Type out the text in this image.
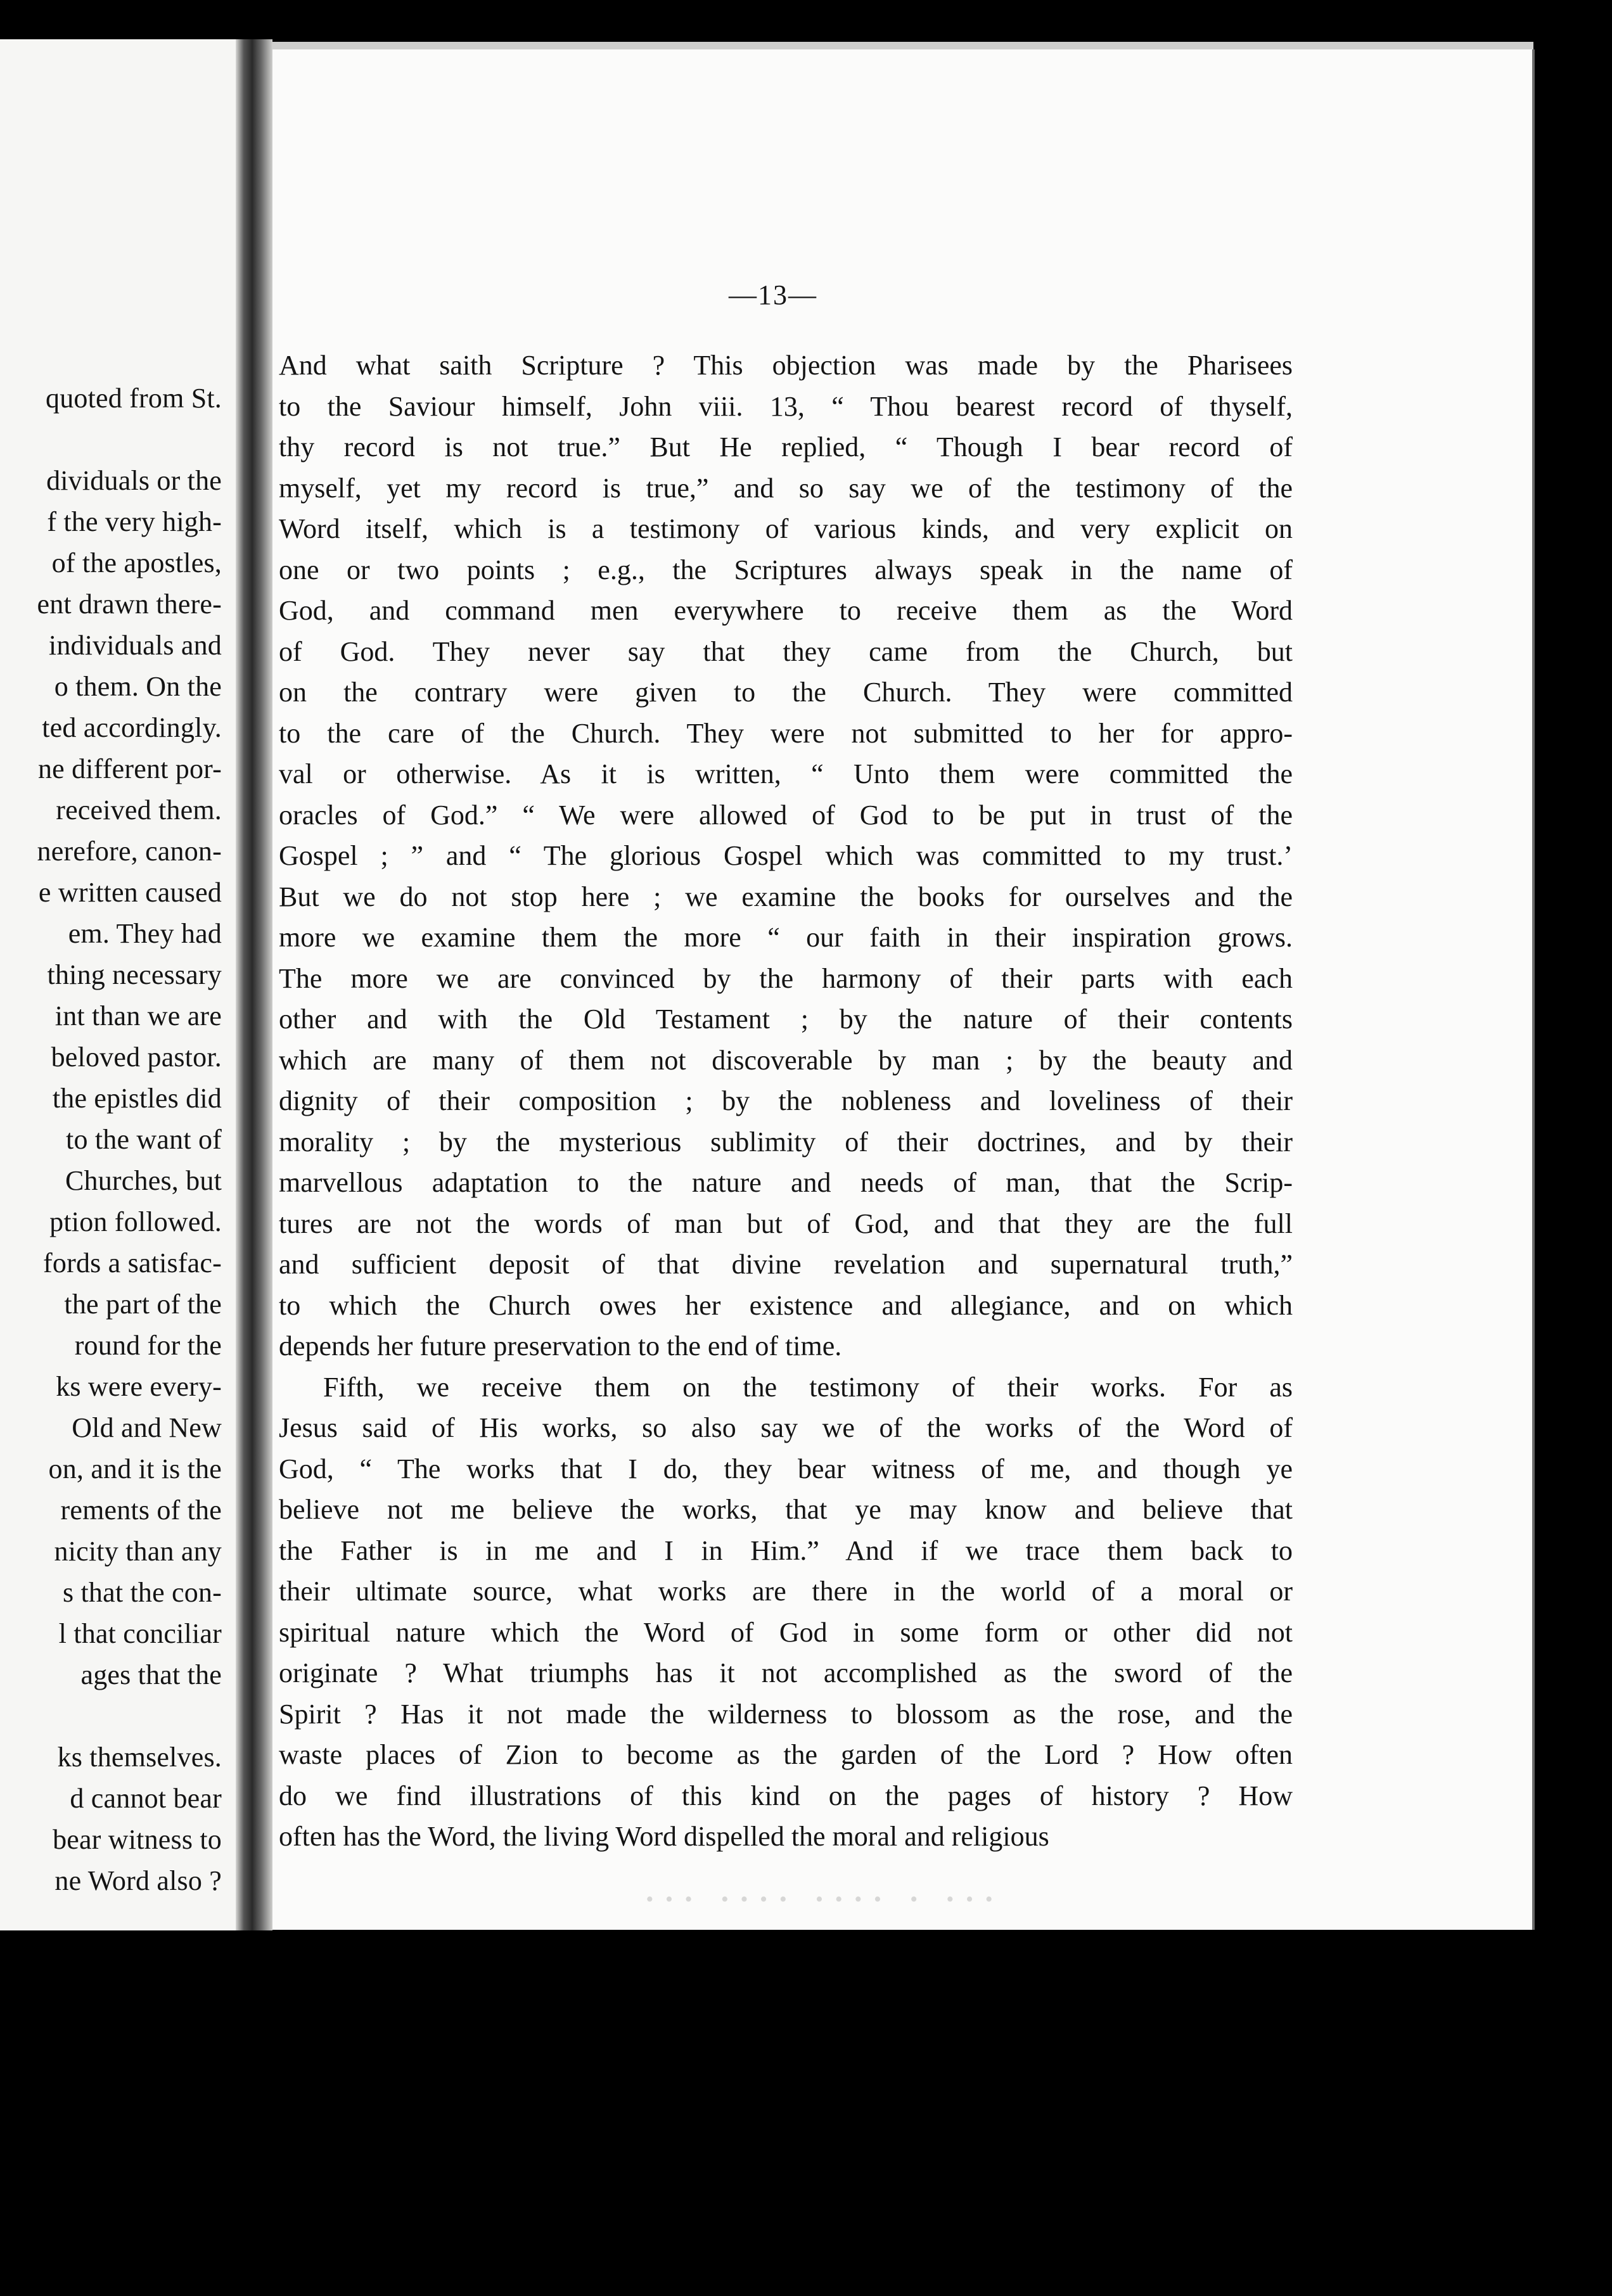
quoted from St.
dividuals or the
f the very high-
of the apostles,
ent drawn there-
individuals and
o them. On the
ted accordingly.
ne different por-
received them.
nerefore, canon-
e written caused
em. They had
thing necessary
int than we are
beloved pastor.
the epistles did
to the want of
Churches, but
ption followed.
fords a satisfac-
the part of the
round for the
ks were every-
Old and New
on, and it is the
rements of the
nicity than any
s that the con-
l that conciliar
ages that the
ks themselves.
d cannot bear
bear witness to
ne Word also ?
—13—
And what saith Scripture ? This objection was made by the Pharisees
to the Saviour himself, John viii. 13, “ Thou bearest record of thyself,
thy record is not true.” But He replied, “ Though I bear record of
myself, yet my record is true,” and so say we of the testimony of the
Word itself, which is a testimony of various kinds, and very explicit on
one or two points ; e.g., the Scriptures always speak in the name of
God, and command men everywhere to receive them as the Word
of God. They never say that they came from the Church, but
on the contrary were given to the Church. They were committed
to the care of the Church. They were not submitted to her for appro-
val or otherwise. As it is written, “ Unto them were committed the
oracles of God.” “ We were allowed of God to be put in trust of the
Gospel ; ” and “ The glorious Gospel which was committed to my trust.’
But we do not stop here ; we examine the books for ourselves and the
more we examine them the more “ our faith in their inspiration grows.
The more we are convinced by the harmony of their parts with each
other and with the Old Testament ; by the nature of their contents
which are many of them not discoverable by man ; by the beauty and
dignity of their composition ; by the nobleness and loveliness of their
morality ; by the mysterious sublimity of their doctrines, and by their
marvellous adaptation to the nature and needs of man, that the Scrip-
tures are not the words of man but of God, and that they are the full
and sufficient deposit of that divine revelation and supernatural truth,”
to which the Church owes her existence and allegiance, and on which
depends her future preservation to the end of time.
Fifth, we receive them on the testimony of their works. For as
Jesus said of His works, so also say we of the works of the Word of
God, “ The works that I do, they bear witness of me, and though ye
believe not me believe the works, that ye may know and believe that
the Father is in me and I in Him.” And if we trace them back to
their ultimate source, what works are there in the world of a moral or
spiritual nature which the Word of God in some form or other did not
originate ? What triumphs has it not accomplished as the sword of the
Spirit ? Has it not made the wilderness to blossom as the rose, and the
waste places of Zion to become as the garden of the Lord ? How often
do we find illustrations of this kind on the pages of history ? How
often has the Word, the living Word dispelled the moral and religious
··· ···· ···· · ···
